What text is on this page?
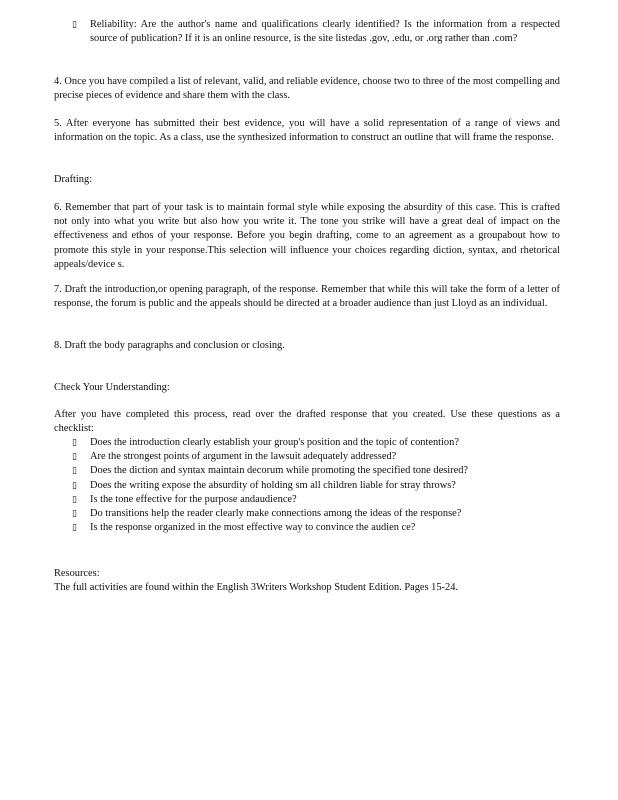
▯ Reliability: Are the author's name and qualifications clearly identified? Is the information from a respected source of publication? If it is an online resource, is the site listedas .gov, .edu, or .org rather than .com?

4. Once you have compiled a list of relevant, valid, and reliable evidence, choose two to three of the most compelling and precise pieces of evidence and share them with the class.

5. After everyone has submitted their best evidence, you will have a solid representation of a range of views and information on the topic. As a class, use the synthesized information to construct an outline that will frame the response.

Drafting:

6. Remember that part of your task is to maintain formal style while exposing the absurdity of this case. This is crafted not only into what you write but also how you write it. The tone you strike will have a great deal of impact on the effectiveness and ethos of your response. Before you begin drafting, come to an agreement as a groupabout how to promote this style in your response.This selection will influence your choices regarding diction, syntax, and rhetorical appeals/device s.

7. Draft the introduction,or opening paragraph, of the response. Remember that while this will take the form of a letter of response, the forum is public and the appeals should be directed at a broader audience than just Lloyd as an individual.

8. Draft the body paragraphs and conclusion or closing.

Check Your Understanding:

After you have completed this process, read over the drafted response that you created. Use these questions as a checklist:

▯ Does the introduction clearly establish your group's position and the topic of contention?
▯ Are the strongest points of argument in the lawsuit adequately addressed?
▯ Does the diction and syntax maintain decorum while promoting the specified tone desired?
▯ Does the writing expose the absurdity of holding sm all children liable for stray throws?
▯ Is the tone effective for the purpose andaudience?
▯ Do transitions help the reader clearly make connections among the ideas of the response?
▯ Is the response organized in the most effective way to convince the audien ce?

Resources:

The full activities are found within the English 3Writers Workshop Student Edition. Pages 15-24.
